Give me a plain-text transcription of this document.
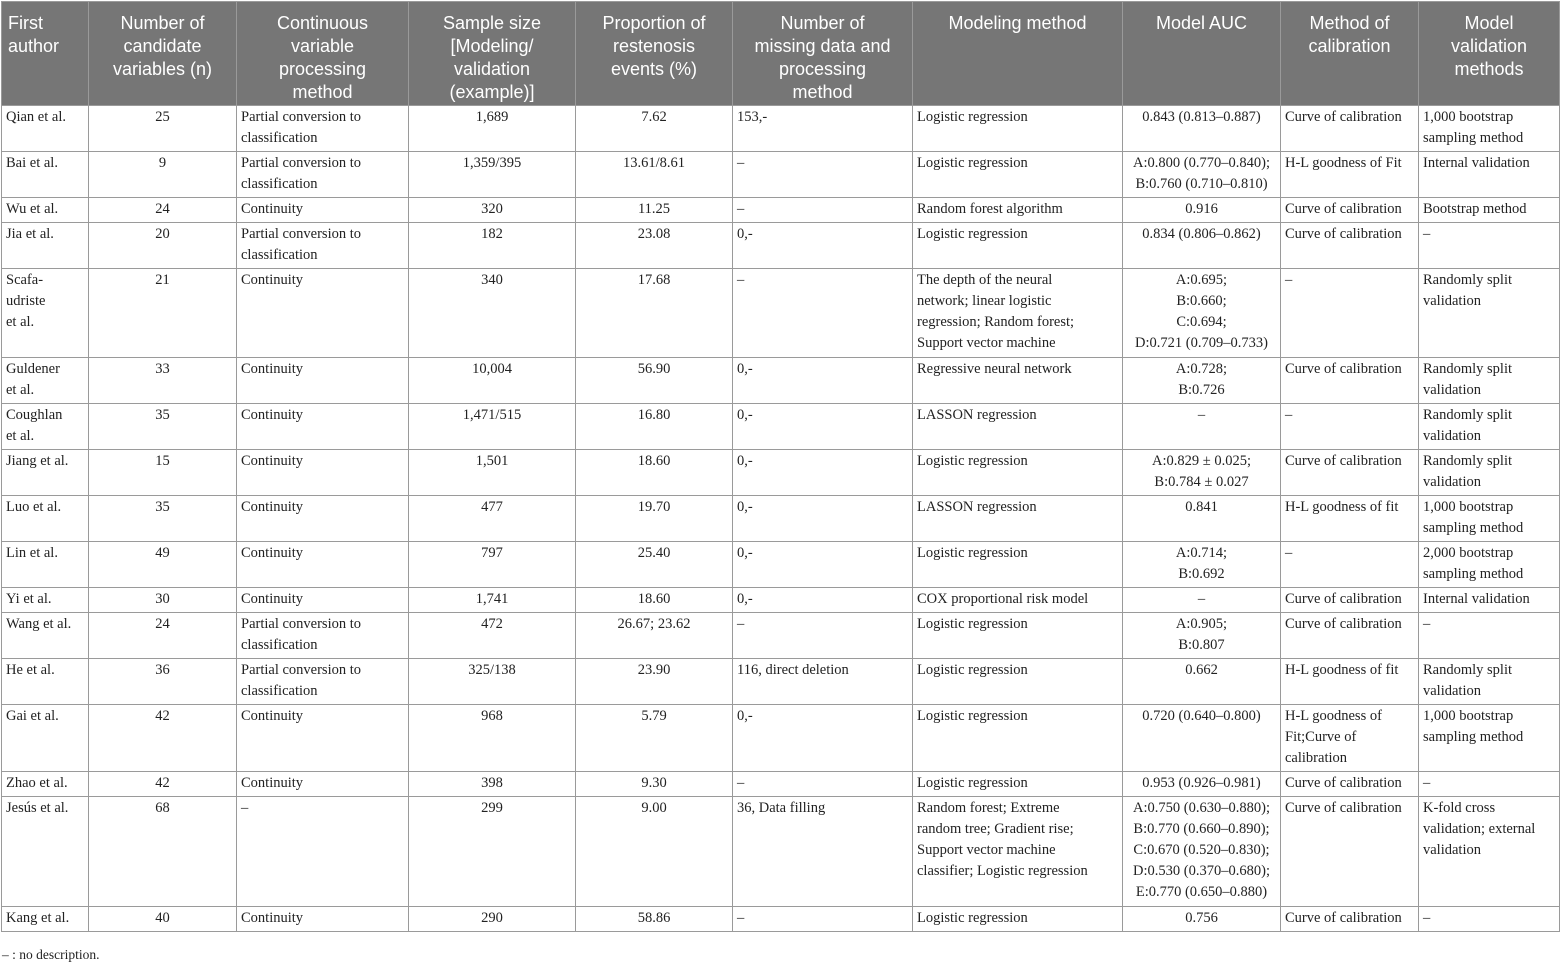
First
author	Number of
candidate
variables (n)	Continuous
variable
processing
method	Sample size
[Modeling/
validation
(example)]	Proportion of
restenosis
events (%)	Number of
missing data and
processing
method	Modeling method	Model AUC	Method of
calibration	Model
validation
methods
Qian et al.	25	Partial conversion to
classification	1,689	7.62	153,-	Logistic regression	0.843 (0.813–0.887)	Curve of calibration	1,000 bootstrap
sampling method
Bai et al.	9	Partial conversion to
classification	1,359/395	13.61/8.61	–	Logistic regression	A:0.800 (0.770–0.840);
B:0.760 (0.710–0.810)	H-L goodness of Fit	Internal validation
Wu et al.	24	Continuity	320	11.25	–	Random forest algorithm	0.916	Curve of calibration	Bootstrap method
Jia et al.	20	Partial conversion to
classification	182	23.08	0,-	Logistic regression	0.834 (0.806–0.862)	Curve of calibration	–
Scafa-
udriste
et al.	21	Continuity	340	17.68	–	The depth of the neural
network; linear logistic
regression; Random forest;
Support vector machine	A:0.695;
B:0.660;
C:0.694;
D:0.721 (0.709–0.733)	–	Randomly split
validation
Guldener
et al.	33	Continuity	10,004	56.90	0,-	Regressive neural network	A:0.728;
B:0.726	Curve of calibration	Randomly split
validation
Coughlan
et al.	35	Continuity	1,471/515	16.80	0,-	LASSON regression	–	–	Randomly split
validation
Jiang et al.	15	Continuity	1,501	18.60	0,-	Logistic regression	A:0.829 ± 0.025;
B:0.784 ± 0.027	Curve of calibration	Randomly split
validation
Luo et al.	35	Continuity	477	19.70	0,-	LASSON regression	0.841	H-L goodness of fit	1,000 bootstrap
sampling method
Lin et al.	49	Continuity	797	25.40	0,-	Logistic regression	A:0.714;
B:0.692	–	2,000 bootstrap
sampling method
Yi et al.	30	Continuity	1,741	18.60	0,-	COX proportional risk model	–	Curve of calibration	Internal validation
Wang et al.	24	Partial conversion to
classification	472	26.67; 23.62	–	Logistic regression	A:0.905;
B:0.807	Curve of calibration	–
He et al.	36	Partial conversion to
classification	325/138	23.90	116, direct deletion	Logistic regression	0.662	H-L goodness of fit	Randomly split
validation
Gai et al.	42	Continuity	968	5.79	0,-	Logistic regression	0.720 (0.640–0.800)	H-L goodness of
Fit;Curve of
calibration	1,000 bootstrap
sampling method
Zhao et al.	42	Continuity	398	9.30	–	Logistic regression	0.953 (0.926–0.981)	Curve of calibration	–
Jesús et al.	68	–	299	9.00	36, Data filling	Random forest; Extreme
random tree; Gradient rise;
Support vector machine
classifier; Logistic regression	A:0.750 (0.630–0.880);
B:0.770 (0.660–0.890);
C:0.670 (0.520–0.830);
D:0.530 (0.370–0.680);
E:0.770 (0.650–0.880)	Curve of calibration	K-fold cross
validation; external
validation
Kang et al.	40	Continuity	290	58.86	–	Logistic regression	0.756	Curve of calibration	–
– : no description.
